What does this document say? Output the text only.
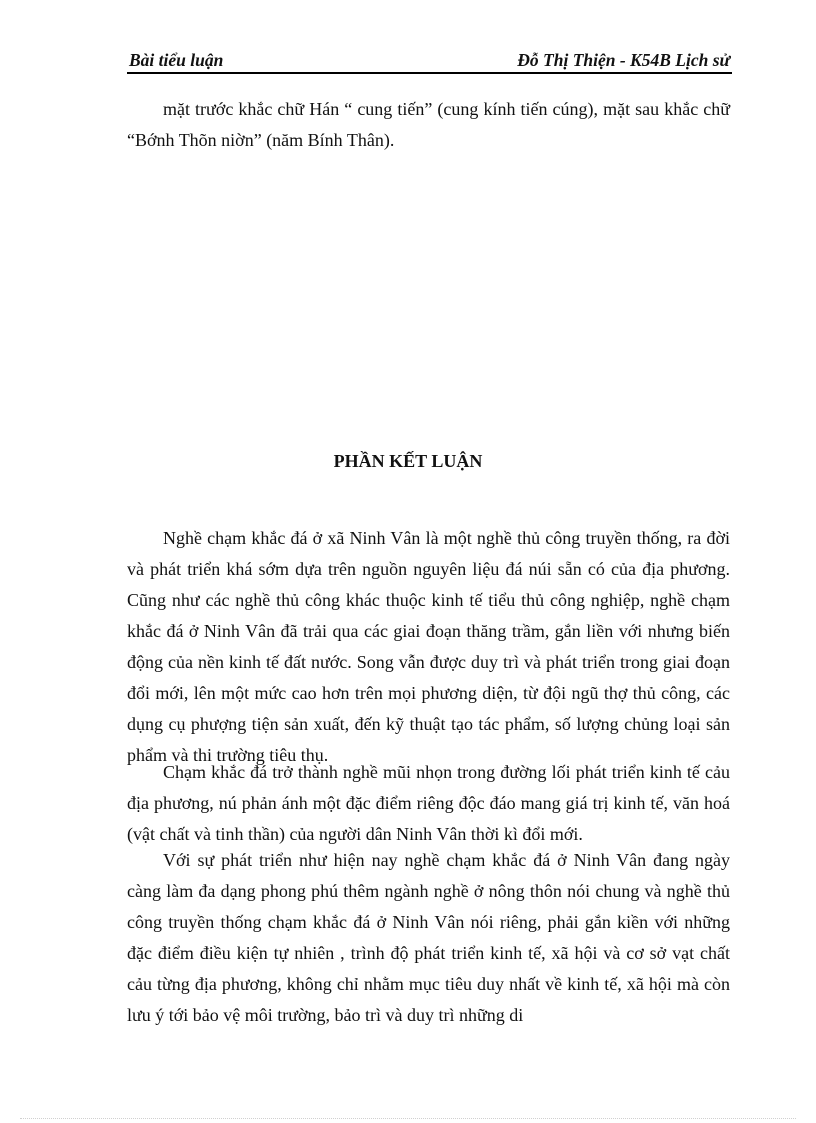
Bài tiểu luận	Đỗ Thị Thiện - K54B Lịch sử

mặt trước khắc chữ Hán “ cung tiến” (cung kính tiến cúng), mặt sau khắc chữ “Bớnh Thõn niờn” (năm Bính Thân).

PHẦN KẾT LUẬN

Nghề chạm khắc đá ở xã Ninh Vân là một nghề thủ công truyền thống, ra đời và phát triển khá sớm dựa trên nguồn nguyên liệu đá núi sẵn có của địa phương. Cũng như các nghề thủ công khác thuộc kinh tế tiểu thủ công nghiệp, nghề chạm khắc đá ở Ninh Vân đã trải qua các giai đoạn thăng trầm, gắn liền với nhưng biến động của nền kinh tế đất nước. Song vẫn được duy trì và phát triển trong giai đoạn đổi mới, lên một mức cao hơn trên mọi phương diện, từ đội ngũ thợ thủ công, các dụng cụ phượng tiện sản xuất, đến kỹ thuật tạo tác phẩm, số lượng chủng loại sản phẩm và thi trường tiêu thụ.

Chạm khắc đá trở thành nghề mũi nhọn trong đường lối phát triển kinh tế cảu địa phương, nú phản ánh một đặc điểm riêng độc đáo mang giá trị kinh tế, văn hoá (vật chất và tinh thần) của người dân Ninh Vân thời kì đổi mới.

Với sự phát triển như hiện nay nghề chạm khắc đá ở Ninh Vân đang ngày càng làm đa dạng phong phú thêm ngành nghề ở nông thôn nói chung và nghề thủ công truyền thống chạm khắc đá ở Ninh Vân nói riêng, phải gắn kiền với những đặc điểm điều kiện tự nhiên , trình độ phát triển kinh tế, xã hội và cơ sở vạt chất cảu từng địa phương, không chỉ nhằm mục tiêu duy nhất về kinh tế, xã hội mà còn lưu ý tới bảo vệ môi trường, bảo trì và duy trì những di
